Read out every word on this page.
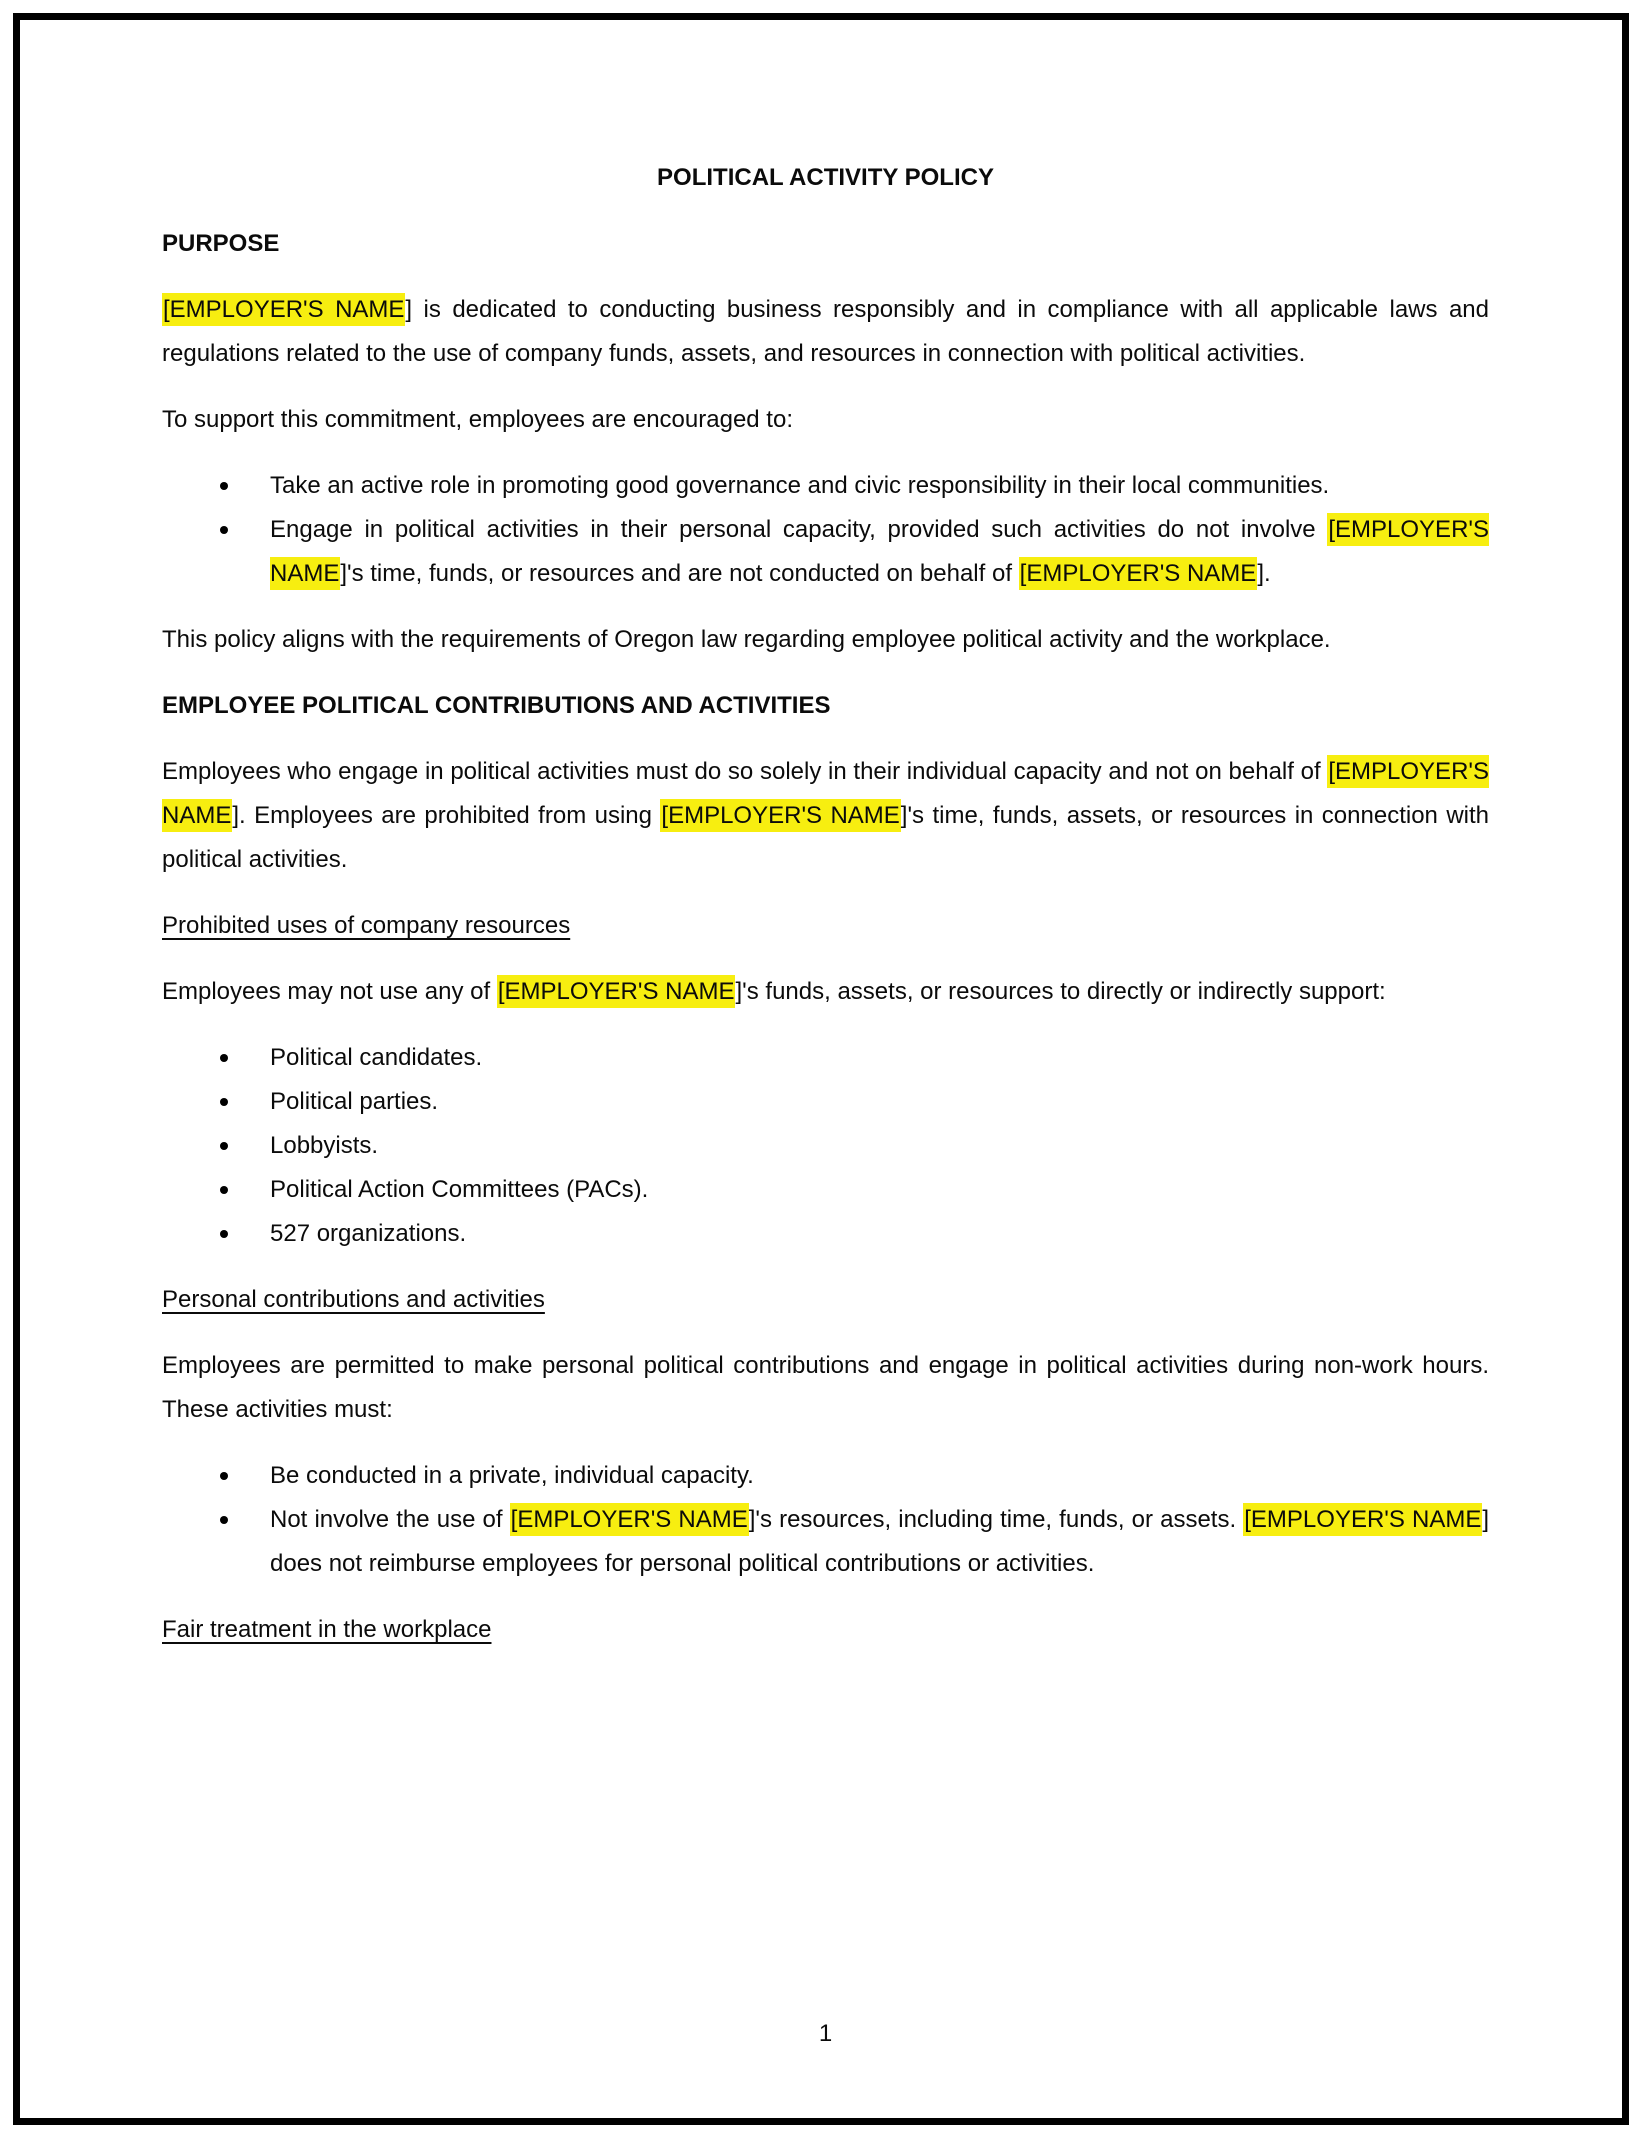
POLITICAL ACTIVITY POLICY
PURPOSE

[EMPLOYER'S NAME] is dedicated to conducting business responsibly and in compliance with all applicable laws and regulations related to the use of company funds, assets, and resources in connection with political activities.

To support this commitment, employees are encouraged to:

Take an active role in promoting good governance and civic responsibility in their local communities.
Engage in political activities in their personal capacity, provided such activities do not involve [EMPLOYER'S NAME]'s time, funds, or resources and are not conducted on behalf of [EMPLOYER'S NAME].

This policy aligns with the requirements of Oregon law regarding employee political activity and the workplace.

EMPLOYEE POLITICAL CONTRIBUTIONS AND ACTIVITIES

Employees who engage in political activities must do so solely in their individual capacity and not on behalf of [EMPLOYER'S NAME]. Employees are prohibited from using [EMPLOYER'S NAME]'s time, funds, assets, or resources in connection with political activities.

Prohibited uses of company resources

Employees may not use any of [EMPLOYER'S NAME]'s funds, assets, or resources to directly or indirectly support:

Political candidates.
Political parties.
Lobbyists.
Political Action Committees (PACs).
527 organizations.
Personal contributions and activities

Employees are permitted to make personal political contributions and engage in political activities during non-work hours. These activities must:

Be conducted in a private, individual capacity.
Not involve the use of [EMPLOYER'S NAME]'s resources, including time, funds, or assets. [EMPLOYER'S NAME] does not reimburse employees for personal political contributions or activities.
Fair treatment in the workplace
1
